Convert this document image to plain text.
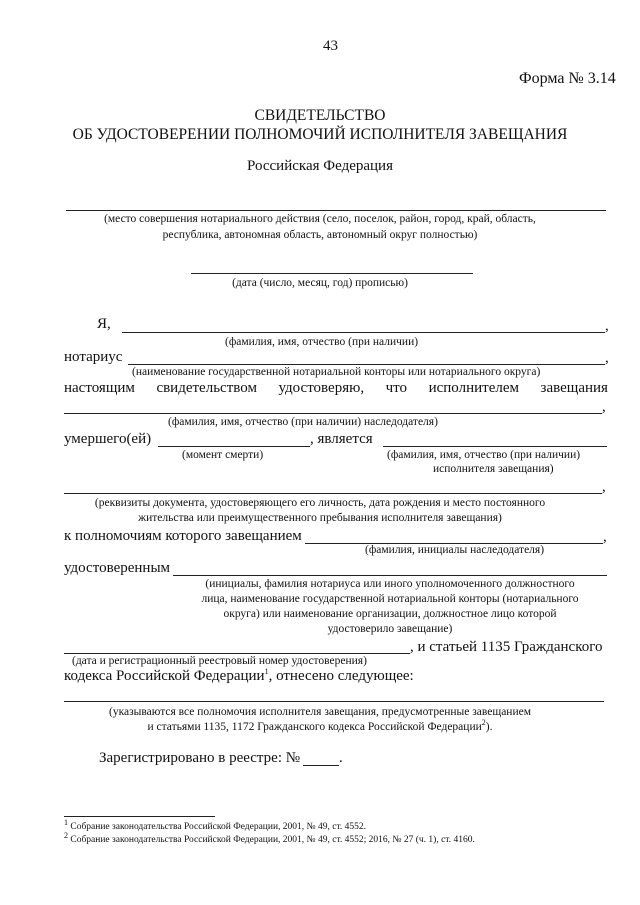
43
Форма № 3.14
СВИДЕТЕЛЬСТВО
ОБ УДОСТОВЕРЕНИИ ПОЛНОМОЧИЙ ИСПОЛНИТЕЛЯ ЗАВЕЩАНИЯ
Российская Федерация
(место совершения нотариального действия (село, поселок, район, город, край, область,
республика, автономная область, автономный округ полностью)
(дата (число, месяц, год) прописью)
Я,	,
(фамилия, имя, отчество (при наличии)
нотариус	,
(наименование государственной нотариальной конторы или нотариального округа)
настоящим свидетельством удостоверяю, что исполнителем завещания
,
(фамилия, имя, отчество (при наличии) наследодателя)
умершего(ей)	, является
(момент смерти)	(фамилия, имя, отчество (при наличии)
исполнителя завещания)
,
(реквизиты документа, удостоверяющего его личность, дата рождения и место постоянного
жительства или преимущественного пребывания исполнителя завещания)
к полномочиям которого завещанием	,
(фамилия, инициалы наследодателя)
удостоверенным
(инициалы, фамилия нотариуса или иного уполномоченного должностного
лица, наименование государственной нотариальной конторы (нотариального
округа) или наименование организации, должностное лицо которой
удостоверило завещание)
, и статьей 1135 Гражданского
(дата и регистрационный реестровый номер удостоверения)
кодекса Российской Федерации$^1$, отнесено следующее:
(указываются все полномочия исполнителя завещания, предусмотренные завещанием
и статьями 1135, 1172 Гражданского кодекса Российской Федерации$^2$).
Зарегистрировано в реестре: №	.
$^1$ Собрание законодательства Российской Федерации, 2001, № 49, ст. 4552.
$^2$ Собрание законодательства Российской Федерации, 2001, № 49, ст. 4552; 2016, № 27 (ч. 1), ст. 4160.
